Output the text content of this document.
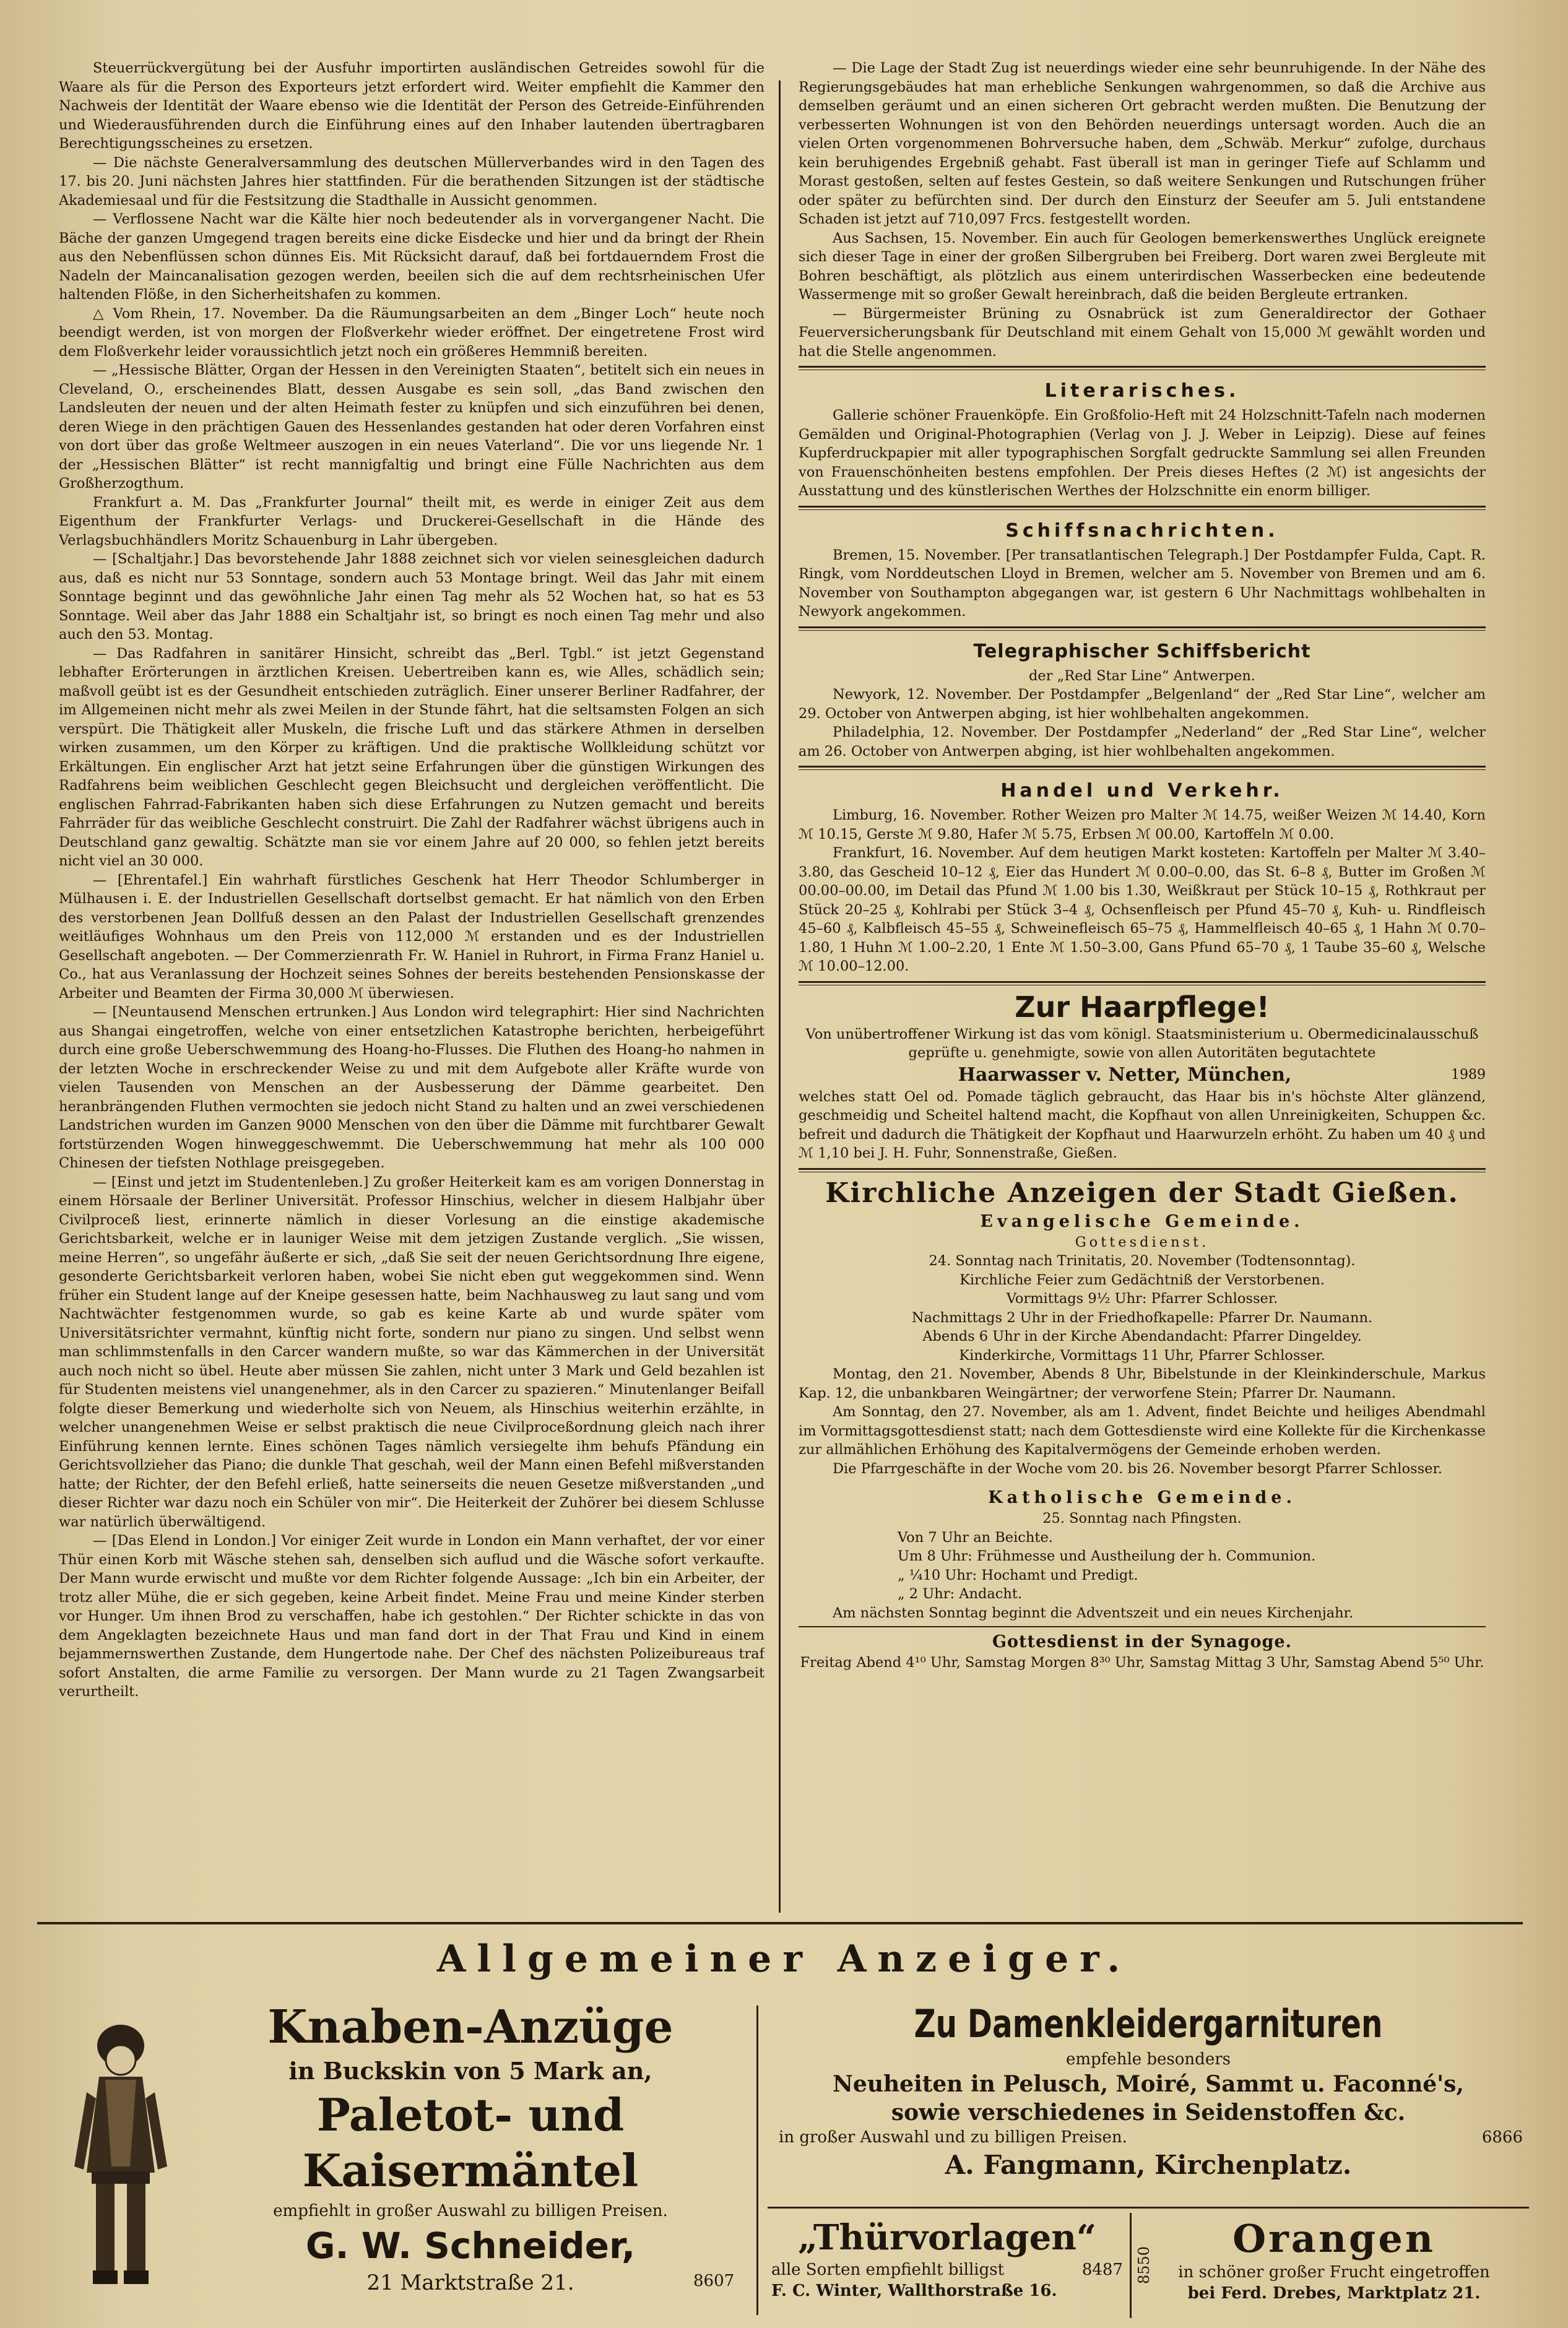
Steuerrückvergütung bei der Ausfuhr importirten ausländischen Getreides sowohl für die Waare als für die Person des Exporteurs jetzt erfordert wird. Weiter empfiehlt die Kammer den Nachweis der Identität der Waare ebenso wie die Identität der Person des Getreide-Einführenden und Wiederausführenden durch die Einführung eines auf den Inhaber lautenden übertragbaren Berechtigungsscheines zu ersetzen.

— Die nächste Generalversammlung des deutschen Müllerverbandes wird in den Tagen des 17. bis 20. Juni nächsten Jahres hier stattfinden. Für die berathenden Sitzungen ist der städtische Akademiesaal und für die Festsitzung die Stadthalle in Aussicht genommen.

— Verflossene Nacht war die Kälte hier noch bedeutender als in vorvergangener Nacht. Die Bäche der ganzen Umgegend tragen bereits eine dicke Eisdecke und hier und da bringt der Rhein aus den Nebenflüssen schon dünnes Eis. Mit Rücksicht darauf, daß bei fortdauerndem Frost die Nadeln der Maincanalisation gezogen werden, beeilen sich die auf dem rechtsrheinischen Ufer haltenden Flöße, in den Sicherheitshafen zu kommen.

△ Vom Rhein, 17. November. Da die Räumungsarbeiten an dem „Binger Loch“ heute noch beendigt werden, ist von morgen der Floßverkehr wieder eröffnet. Der eingetretene Frost wird dem Floßverkehr leider voraussichtlich jetzt noch ein größeres Hemmniß bereiten.

— „Hessische Blätter, Organ der Hessen in den Vereinigten Staaten“, betitelt sich ein neues in Cleveland, O., erscheinendes Blatt, dessen Ausgabe es sein soll, „das Band zwischen den Landsleuten der neuen und der alten Heimath fester zu knüpfen und sich einzuführen bei denen, deren Wiege in den prächtigen Gauen des Hessenlandes gestanden hat oder deren Vorfahren einst von dort über das große Weltmeer auszogen in ein neues Vaterland“. Die vor uns liegende Nr. 1 der „Hessischen Blätter“ ist recht mannigfaltig und bringt eine Fülle Nachrichten aus dem Großherzogthum.

Frankfurt a. M. Das „Frankfurter Journal“ theilt mit, es werde in einiger Zeit aus dem Eigenthum der Frankfurter Verlags- und Druckerei-Gesellschaft in die Hände des Verlagsbuchhändlers Moritz Schauenburg in Lahr übergeben.

— [Schaltjahr.] Das bevorstehende Jahr 1888 zeichnet sich vor vielen seinesgleichen dadurch aus, daß es nicht nur 53 Sonntage, sondern auch 53 Montage bringt. Weil das Jahr mit einem Sonntage beginnt und das gewöhnliche Jahr einen Tag mehr als 52 Wochen hat, so hat es 53 Sonntage. Weil aber das Jahr 1888 ein Schaltjahr ist, so bringt es noch einen Tag mehr und also auch den 53. Montag.

— Das Radfahren in sanitärer Hinsicht, schreibt das „Berl. Tgbl.“ ist jetzt Gegenstand lebhafter Erörterungen in ärztlichen Kreisen. Uebertreiben kann es, wie Alles, schädlich sein; maßvoll geübt ist es der Gesundheit entschieden zuträglich. Einer unserer Berliner Radfahrer, der im Allgemeinen nicht mehr als zwei Meilen in der Stunde fährt, hat die seltsamsten Folgen an sich verspürt. Die Thätigkeit aller Muskeln, die frische Luft und das stärkere Athmen in derselben wirken zusammen, um den Körper zu kräftigen. Und die praktische Wollkleidung schützt vor Erkältungen. Ein englischer Arzt hat jetzt seine Erfahrungen über die günstigen Wirkungen des Radfahrens beim weiblichen Geschlecht gegen Bleichsucht und dergleichen veröffentlicht. Die englischen Fahrrad-Fabrikanten haben sich diese Erfahrungen zu Nutzen gemacht und bereits Fahrräder für das weibliche Geschlecht construirt. Die Zahl der Radfahrer wächst übrigens auch in Deutschland ganz gewaltig. Schätzte man sie vor einem Jahre auf 20 000, so fehlen jetzt bereits nicht viel an 30 000.

— [Ehrentafel.] Ein wahrhaft fürstliches Geschenk hat Herr Theodor Schlumberger in Mülhausen i. E. der Industriellen Gesellschaft dortselbst gemacht. Er hat nämlich von den Erben des verstorbenen Jean Dollfuß dessen an den Palast der Industriellen Gesellschaft grenzendes weitläufiges Wohnhaus um den Preis von 112,000 ℳ erstanden und es der Industriellen Gesellschaft angeboten. — Der Commerzienrath Fr. W. Haniel in Ruhrort, in Firma Franz Haniel u. Co., hat aus Veranlassung der Hochzeit seines Sohnes der bereits bestehenden Pensionskasse der Arbeiter und Beamten der Firma 30,000 ℳ überwiesen.

— [Neuntausend Menschen ertrunken.] Aus London wird telegraphirt: Hier sind Nachrichten aus Shangai eingetroffen, welche von einer entsetzlichen Katastrophe berichten, herbeigeführt durch eine große Ueberschwemmung des Hoang-ho-Flusses. Die Fluthen des Hoang-ho nahmen in der letzten Woche in erschreckender Weise zu und mit dem Aufgebote aller Kräfte wurde von vielen Tausenden von Menschen an der Ausbesserung der Dämme gearbeitet. Den heranbrängenden Fluthen vermochten sie jedoch nicht Stand zu halten und an zwei verschiedenen Landstrichen wurden im Ganzen 9000 Menschen von den über die Dämme mit furchtbarer Gewalt fortstürzenden Wogen hinweggeschwemmt. Die Ueberschwemmung hat mehr als 100 000 Chinesen der tiefsten Nothlage preisgegeben.

— [Einst und jetzt im Studentenleben.] Zu großer Heiterkeit kam es am vorigen Donnerstag in einem Hörsaale der Berliner Universität. Professor Hinschius, welcher in diesem Halbjahr über Civilproceß liest, erinnerte nämlich in dieser Vorlesung an die einstige akademische Gerichtsbarkeit, welche er in launiger Weise mit dem jetzigen Zustande verglich. „Sie wissen, meine Herren“, so ungefähr äußerte er sich, „daß Sie seit der neuen Gerichtsordnung Ihre eigene, gesonderte Gerichtsbarkeit verloren haben, wobei Sie nicht eben gut weggekommen sind. Wenn früher ein Student lange auf der Kneipe gesessen hatte, beim Nachhausweg zu laut sang und vom Nachtwächter festgenommen wurde, so gab es keine Karte ab und wurde später vom Universitätsrichter vermahnt, künftig nicht forte, sondern nur piano zu singen. Und selbst wenn man schlimmstenfalls in den Carcer wandern mußte, so war das Kämmerchen in der Universität auch noch nicht so übel. Heute aber müssen Sie zahlen, nicht unter 3 Mark und Geld bezahlen ist für Studenten meistens viel unangenehmer, als in den Carcer zu spazieren.“ Minutenlanger Beifall folgte dieser Bemerkung und wiederholte sich von Neuem, als Hinschius weiterhin erzählte, in welcher unangenehmen Weise er selbst praktisch die neue Civilproceßordnung gleich nach ihrer Einführung kennen lernte. Eines schönen Tages nämlich versiegelte ihm behufs Pfändung ein Gerichtsvollzieher das Piano; die dunkle That geschah, weil der Mann einen Befehl mißverstanden hatte; der Richter, der den Befehl erließ, hatte seinerseits die neuen Gesetze mißverstanden „und dieser Richter war dazu noch ein Schüler von mir“. Die Heiterkeit der Zuhörer bei diesem Schlusse war natürlich überwältigend.

— [Das Elend in London.] Vor einiger Zeit wurde in London ein Mann verhaftet, der vor einer Thür einen Korb mit Wäsche stehen sah, denselben sich auflud und die Wäsche sofort verkaufte. Der Mann wurde erwischt und mußte vor dem Richter folgende Aussage: „Ich bin ein Arbeiter, der trotz aller Mühe, die er sich gegeben, keine Arbeit findet. Meine Frau und meine Kinder sterben vor Hunger. Um ihnen Brod zu verschaffen, habe ich gestohlen.“ Der Richter schickte in das von dem Angeklagten bezeichnete Haus und man fand dort in der That Frau und Kind in einem bejammernswerthen Zustande, dem Hungertode nahe. Der Chef des nächsten Polizeibureaus traf sofort Anstalten, die arme Familie zu versorgen. Der Mann wurde zu 21 Tagen Zwangsarbeit verurtheilt.

— Die Lage der Stadt Zug ist neuerdings wieder eine sehr beunruhigende. In der Nähe des Regierungsgebäudes hat man erhebliche Senkungen wahrgenommen, so daß die Archive aus demselben geräumt und an einen sicheren Ort gebracht werden mußten. Die Benutzung der verbesserten Wohnungen ist von den Behörden neuerdings untersagt worden. Auch die an vielen Orten vorgenommenen Bohrversuche haben, dem „Schwäb. Merkur“ zufolge, durchaus kein beruhigendes Ergebniß gehabt. Fast überall ist man in geringer Tiefe auf Schlamm und Morast gestoßen, selten auf festes Gestein, so daß weitere Senkungen und Rutschungen früher oder später zu befürchten sind. Der durch den Einsturz der Seeufer am 5. Juli entstandene Schaden ist jetzt auf 710,097 Frcs. festgestellt worden.

Aus Sachsen, 15. November. Ein auch für Geologen bemerkenswerthes Unglück ereignete sich dieser Tage in einer der großen Silbergruben bei Freiberg. Dort waren zwei Bergleute mit Bohren beschäftigt, als plötzlich aus einem unterirdischen Wasserbecken eine bedeutende Wassermenge mit so großer Gewalt hereinbrach, daß die beiden Bergleute ertranken.

— Bürgermeister Brüning zu Osnabrück ist zum Generaldirector der Gothaer Feuerversicherungsbank für Deutschland mit einem Gehalt von 15,000 ℳ gewählt worden und hat die Stelle angenommen.

Literarisches.

Gallerie schöner Frauenköpfe. Ein Großfolio-Heft mit 24 Holzschnitt-Tafeln nach modernen Gemälden und Original-Photographien (Verlag von J. J. Weber in Leipzig). Diese auf feines Kupferdruckpapier mit aller typographischen Sorgfalt gedruckte Sammlung sei allen Freunden von Frauenschönheiten bestens empfohlen. Der Preis dieses Heftes (2 ℳ) ist angesichts der Ausstattung und des künstlerischen Werthes der Holzschnitte ein enorm billiger.

Schiffsnachrichten.

Bremen, 15. November. [Per transatlantischen Telegraph.] Der Postdampfer Fulda, Capt. R. Ringk, vom Norddeutschen Lloyd in Bremen, welcher am 5. November von Bremen und am 6. November von Southampton abgegangen war, ist gestern 6 Uhr Nachmittags wohlbehalten in Newyork angekommen.

Telegraphischer Schiffsbericht

der „Red Star Line“ Antwerpen.

Newyork, 12. November. Der Postdampfer „Belgenland“ der „Red Star Line“, welcher am 29. October von Antwerpen abging, ist hier wohlbehalten angekommen.

Philadelphia, 12. November. Der Postdampfer „Nederland“ der „Red Star Line“, welcher am 26. October von Antwerpen abging, ist hier wohlbehalten angekommen.

Handel und Verkehr.

Limburg, 16. November. Rother Weizen pro Malter ℳ 14.75, weißer Weizen ℳ 14.40, Korn ℳ 10.15, Gerste ℳ 9.80, Hafer ℳ 5.75, Erbsen ℳ 00.00, Kartoffeln ℳ 0.00.

Frankfurt, 16. November. Auf dem heutigen Markt kosteten: Kartoffeln per Malter ℳ 3.40–3.80, das Gescheid 10–12 ₰, Eier das Hundert ℳ 0.00–0.00, das St. 6–8 ₰, Butter im Großen ℳ 00.00–00.00, im Detail das Pfund ℳ 1.00 bis 1.30, Weißkraut per Stück 10–15 ₰, Rothkraut per Stück 20–25 ₰, Kohlrabi per Stück 3–4 ₰, Ochsenfleisch per Pfund 45–70 ₰, Kuh- u. Rindfleisch 45–60 ₰, Kalbfleisch 45–55 ₰, Schweinefleisch 65–75 ₰, Hammelfleisch 40–65 ₰, 1 Hahn ℳ 0.70–1.80, 1 Huhn ℳ 1.00–2.20, 1 Ente ℳ 1.50–3.00, Gans Pfund 65–70 ₰, 1 Taube 35–60 ₰, Welsche ℳ 10.00–12.00.

Zur Haarpflege!

Von unübertroffener Wirkung ist das vom königl. Staatsministerium u. Obermedicinalausschuß geprüfte u. genehmigte, sowie von allen Autoritäten begutachtete

Haarwasser v. Netter, München,	1989

welches statt Oel od. Pomade täglich gebraucht, das Haar bis in's höchste Alter glänzend, geschmeidig und Scheitel haltend macht, die Kopfhaut von allen Unreinigkeiten, Schuppen &c. befreit und dadurch die Thätigkeit der Kopfhaut und Haarwurzeln erhöht. Zu haben um 40 ₰ und ℳ 1,10 bei J. H. Fuhr, Sonnenstraße, Gießen.

Kirchliche Anzeigen der Stadt Gießen.
Evangelische Gemeinde.

Gottesdienst.

24. Sonntag nach Trinitatis, 20. November (Todtensonntag).

Kirchliche Feier zum Gedächtniß der Verstorbenen.

Vormittags 9½ Uhr: Pfarrer Schlosser.

Nachmittags 2 Uhr in der Friedhofkapelle: Pfarrer Dr. Naumann.

Abends 6 Uhr in der Kirche Abendandacht: Pfarrer Dingeldey.

Kinderkirche, Vormittags 11 Uhr, Pfarrer Schlosser.

Montag, den 21. November, Abends 8 Uhr, Bibelstunde in der Kleinkinderschule, Markus Kap. 12, die unbankbaren Weingärtner; der verworfene Stein; Pfarrer Dr. Naumann.

Am Sonntag, den 27. November, als am 1. Advent, findet Beichte und heiliges Abendmahl im Vormittagsgottesdienst statt; nach dem Gottesdienste wird eine Kollekte für die Kirchenkasse zur allmählichen Erhöhung des Kapitalvermögens der Gemeinde erhoben werden.

Die Pfarrgeschäfte in der Woche vom 20. bis 26. November besorgt Pfarrer Schlosser.

Katholische Gemeinde.

25. Sonntag nach Pfingsten.

Von 7 Uhr an Beichte.

Um 8 Uhr: Frühmesse und Austheilung der h. Communion.

„ ¼10 Uhr: Hochamt und Predigt.

„ 2 Uhr: Andacht.

Am nächsten Sonntag beginnt die Adventszeit und ein neues Kirchenjahr.

Gottesdienst in der Synagoge.

Freitag Abend 4¹⁰ Uhr, Samstag Morgen 8³⁰ Uhr, Samstag Mittag 3 Uhr, Samstag Abend 5⁵⁰ Uhr.

Allgemeiner Anzeiger.
Knaben-Anzüge
in Buckskin von 5 Mark an,
Paletot- und Kaisermäntel
empfiehlt in großer Auswahl zu billigen Preisen.
G. W. Schneider,
21 Marktstraße 21.	8607
Zu Damenkleidergarnituren
empfehle besonders
Neuheiten in Pelusch, Moiré, Sammt u. Faconné's,
sowie verschiedenes in Seidenstoffen &c.
in großer Auswahl und zu billigen Preisen.	6866
A. Fangmann, Kirchenplatz.
„Thürvorlagen“
alle Sorten empfiehlt billigst	8487
F. C. Winter, Wallthorstraße 16.
8550
Orangen
in schöner großer Frucht eingetroffen
bei Ferd. Drebes, Marktplatz 21.
